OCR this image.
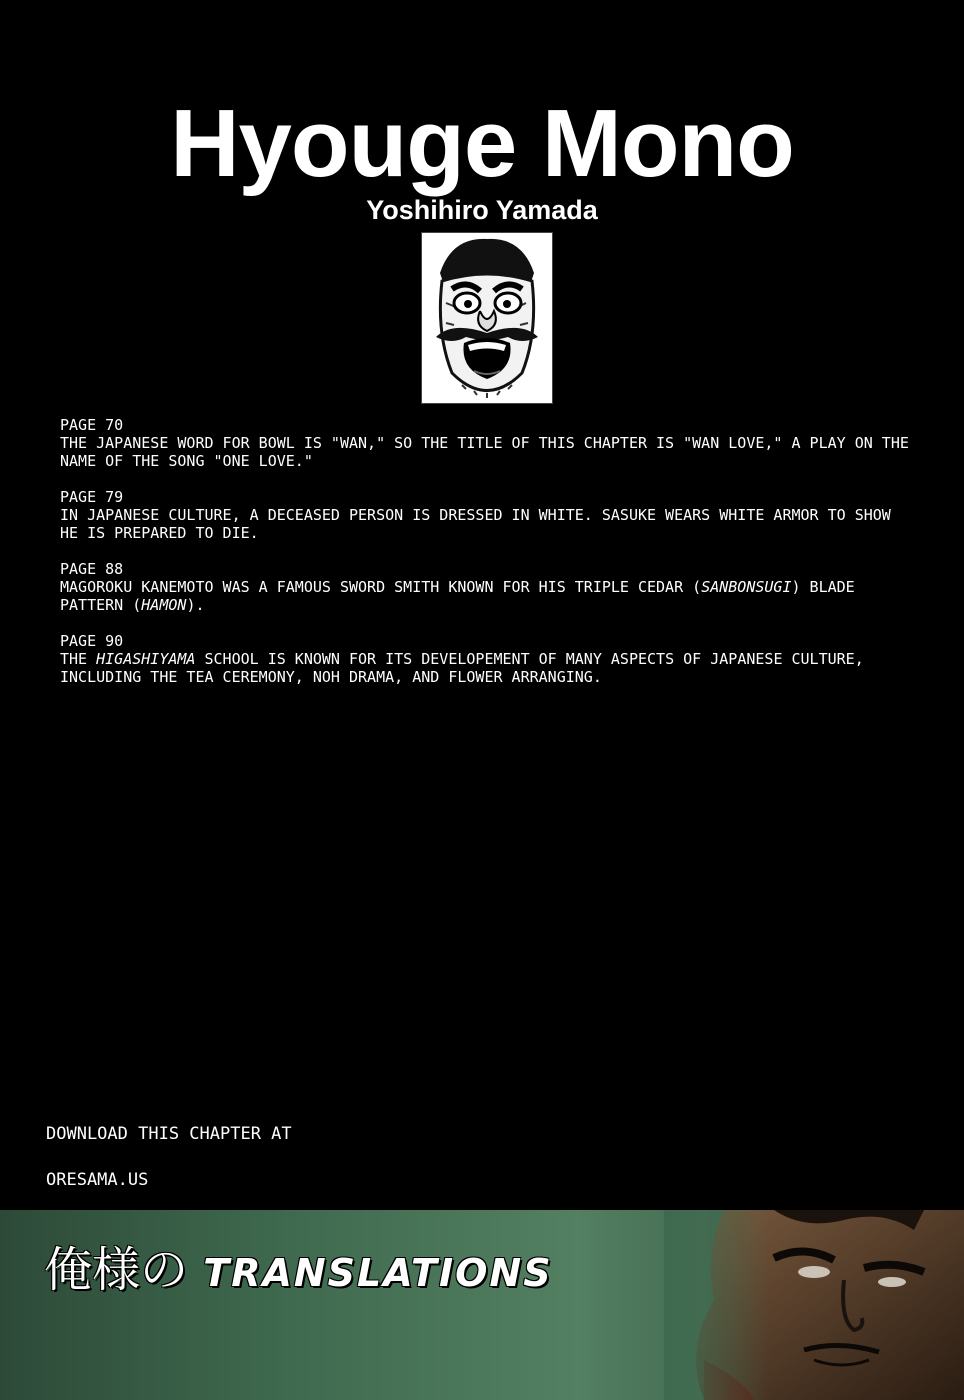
Hyouge Mono
Yoshihiro Yamada
PAGE 70
THE JAPANESE WORD FOR BOWL IS "WAN," SO THE TITLE OF THIS CHAPTER IS "WAN LOVE," A PLAY ON THE NAME OF THE SONG "ONE LOVE."
PAGE 79
IN JAPANESE CULTURE, A DECEASED PERSON IS DRESSED IN WHITE. SASUKE WEARS WHITE ARMOR TO SHOW HE IS PREPARED TO DIE.
PAGE 88
MAGOROKU KANEMOTO WAS A FAMOUS SWORD SMITH KNOWN FOR HIS TRIPLE CEDAR (SANBONSUGI) BLADE PATTERN (HAMON).
PAGE 90
THE HIGASHIYAMA SCHOOL IS KNOWN FOR ITS DEVELOPEMENT OF MANY ASPECTS OF JAPANESE CULTURE, INCLUDING THE TEA CEREMONY, NOH DRAMA, AND FLOWER ARRANGING.
DOWNLOAD THIS CHAPTER AT
ORESAMA.US
俺様の TRANSLATIONS
